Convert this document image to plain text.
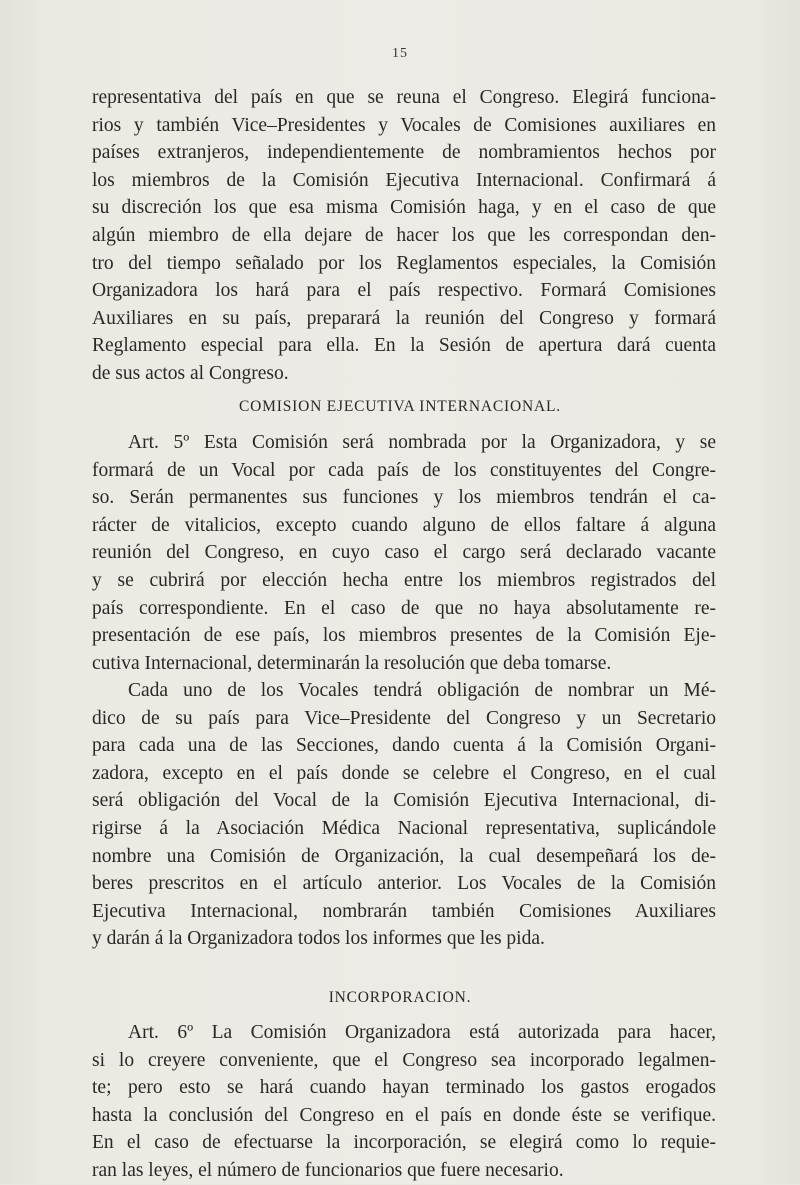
15
representativa del país en que se reuna el Congreso. Elegirá funciona-
rios y también Vice–Presidentes y Vocales de Comisiones auxiliares en
países extranjeros, independientemente de nombramientos hechos por
los miembros de la Comisión Ejecutiva Internacional. Confirmará á
su discreción los que esa misma Comisión haga, y en el caso de que
algún miembro de ella dejare de hacer los que les correspondan den-
tro del tiempo señalado por los Reglamentos especiales, la Comisión
Organizadora los hará para el país respectivo. Formará Comisiones
Auxiliares en su país, preparará la reunión del Congreso y formará
Reglamento especial para ella. En la Sesión de apertura dará cuenta
de sus actos al Congreso.
COMISION EJECUTIVA INTERNACIONAL.
Art. 5º Esta Comisión será nombrada por la Organizadora, y se
formará de un Vocal por cada país de los constituyentes del Congre-
so. Serán permanentes sus funciones y los miembros tendrán el ca-
rácter de vitalicios, excepto cuando alguno de ellos faltare á alguna
reunión del Congreso, en cuyo caso el cargo será declarado vacante
y se cubrirá por elección hecha entre los miembros registrados del
país correspondiente. En el caso de que no haya absolutamente re-
presentación de ese país, los miembros presentes de la Comisión Eje-
cutiva Internacional, determinarán la resolución que deba tomarse.
Cada uno de los Vocales tendrá obligación de nombrar un Mé-
dico de su país para Vice–Presidente del Congreso y un Secretario
para cada una de las Secciones, dando cuenta á la Comisión Organi-
zadora, excepto en el país donde se celebre el Congreso, en el cual
será obligación del Vocal de la Comisión Ejecutiva Internacional, di-
rigirse á la Asociación Médica Nacional representativa, suplicándole
nombre una Comisión de Organización, la cual desempeñará los de-
beres prescritos en el artículo anterior. Los Vocales de la Comisión
Ejecutiva Internacional, nombrarán también Comisiones Auxiliares
y darán á la Organizadora todos los informes que les pida.
INCORPORACION.
Art. 6º La Comisión Organizadora está autorizada para hacer,
si lo creyere conveniente, que el Congreso sea incorporado legalmen-
te; pero esto se hará cuando hayan terminado los gastos erogados
hasta la conclusión del Congreso en el país en donde éste se verifique.
En el caso de efectuarse la incorporación, se elegirá como lo requie-
ran las leyes, el número de funcionarios que fuere necesario.
